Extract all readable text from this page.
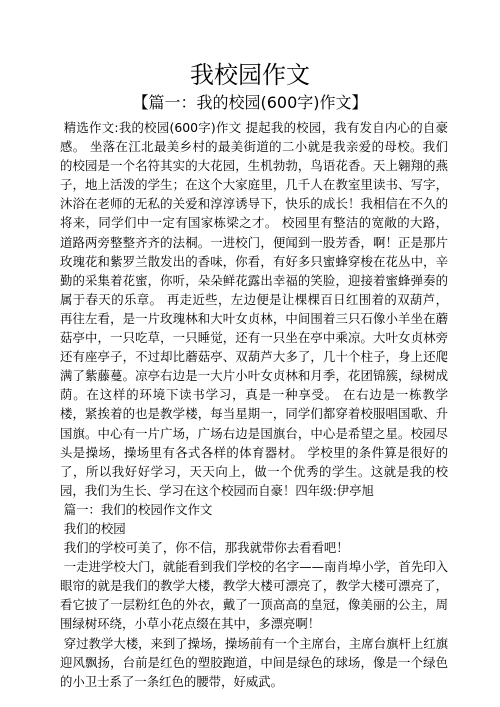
我校园作文
【篇一：我的校园(600字)作文】

精选作文:我的校园(600字)作文 提起我的校园，我有发自内心的自豪感。 坐落在江北最美乡村的最美街道的二小就是我亲爱的母校。我们的校园是一个名符其实的大花园，生机勃勃，鸟语花香。天上翱翔的燕子，地上活泼的学生；在这个大家庭里，几千人在教室里读书、写字，沐浴在老师的无私的关爱和淳淳诱导下，快乐的成长！我相信在不久的将来，同学们中一定有国家栋梁之才。 校园里有整洁的宽敞的大路，道路两旁整整齐齐的法桐。一进校门，便闻到一股芳香，啊！正是那片玫瑰花和紫罗兰散发出的香味，你看，有好多只蜜蜂穿梭在花丛中，辛勤的采集着花蜜，你听，朵朵鲜花露出幸福的笑脸，迎接着蜜蜂弹奏的属于春天的乐章。 再走近些，左边便是让棵棵百日红围着的双葫芦，再往左看，是一片玫瑰林和大叶女贞林，中间围着三只石像小羊坐在蘑菇亭中，一只吃草，一只睡觉，还有一只坐在亭中乘凉。大叶女贞林旁还有座亭子，不过却比蘑菇亭、双葫芦大多了，几十个柱子，身上还爬满了紫藤蔓。凉亭右边是一大片小叶女贞林和月季，花团锦簇，绿树成荫。在这样的环境下读书学习，真是一种享受。 在右边是一栋教学楼，紧挨着的也是教学楼，每当星期一，同学们都穿着校服唱国歌、升国旗。中心有一片广场，广场右边是国旗台，中心是希望之星。校园尽头是操场，操场里有各式各样的体育器材。 学校里的条件算是很好的了，所以我好好学习，天天向上，做一个优秀的学生。这就是我的校园，我们为生长、学习在这个校园而自豪！四年级:伊亭旭

篇一：我们的校园作文作文

我们的校园

我们的学校可美了，你不信，那我就带你去看看吧！

一走进学校大门，就能看到我们学校的名字——南肖埠小学，首先印入眼帘的就是我们的教学大楼，教学大楼可漂亮了，教学大楼可漂亮了，看它披了一层粉红色的外衣，戴了一顶高高的皇冠，像美丽的公主，周围绿树环绕，小草小花点缀在其中，多漂亮啊！

穿过教学大楼，来到了操场，操场前有一个主席台，主席台旗杆上红旗迎风飘扬，台前是红色的塑胶跑道，中间是绿色的球场，像是一个绿色的小卫士系了一条红色的腰带，好威武。
